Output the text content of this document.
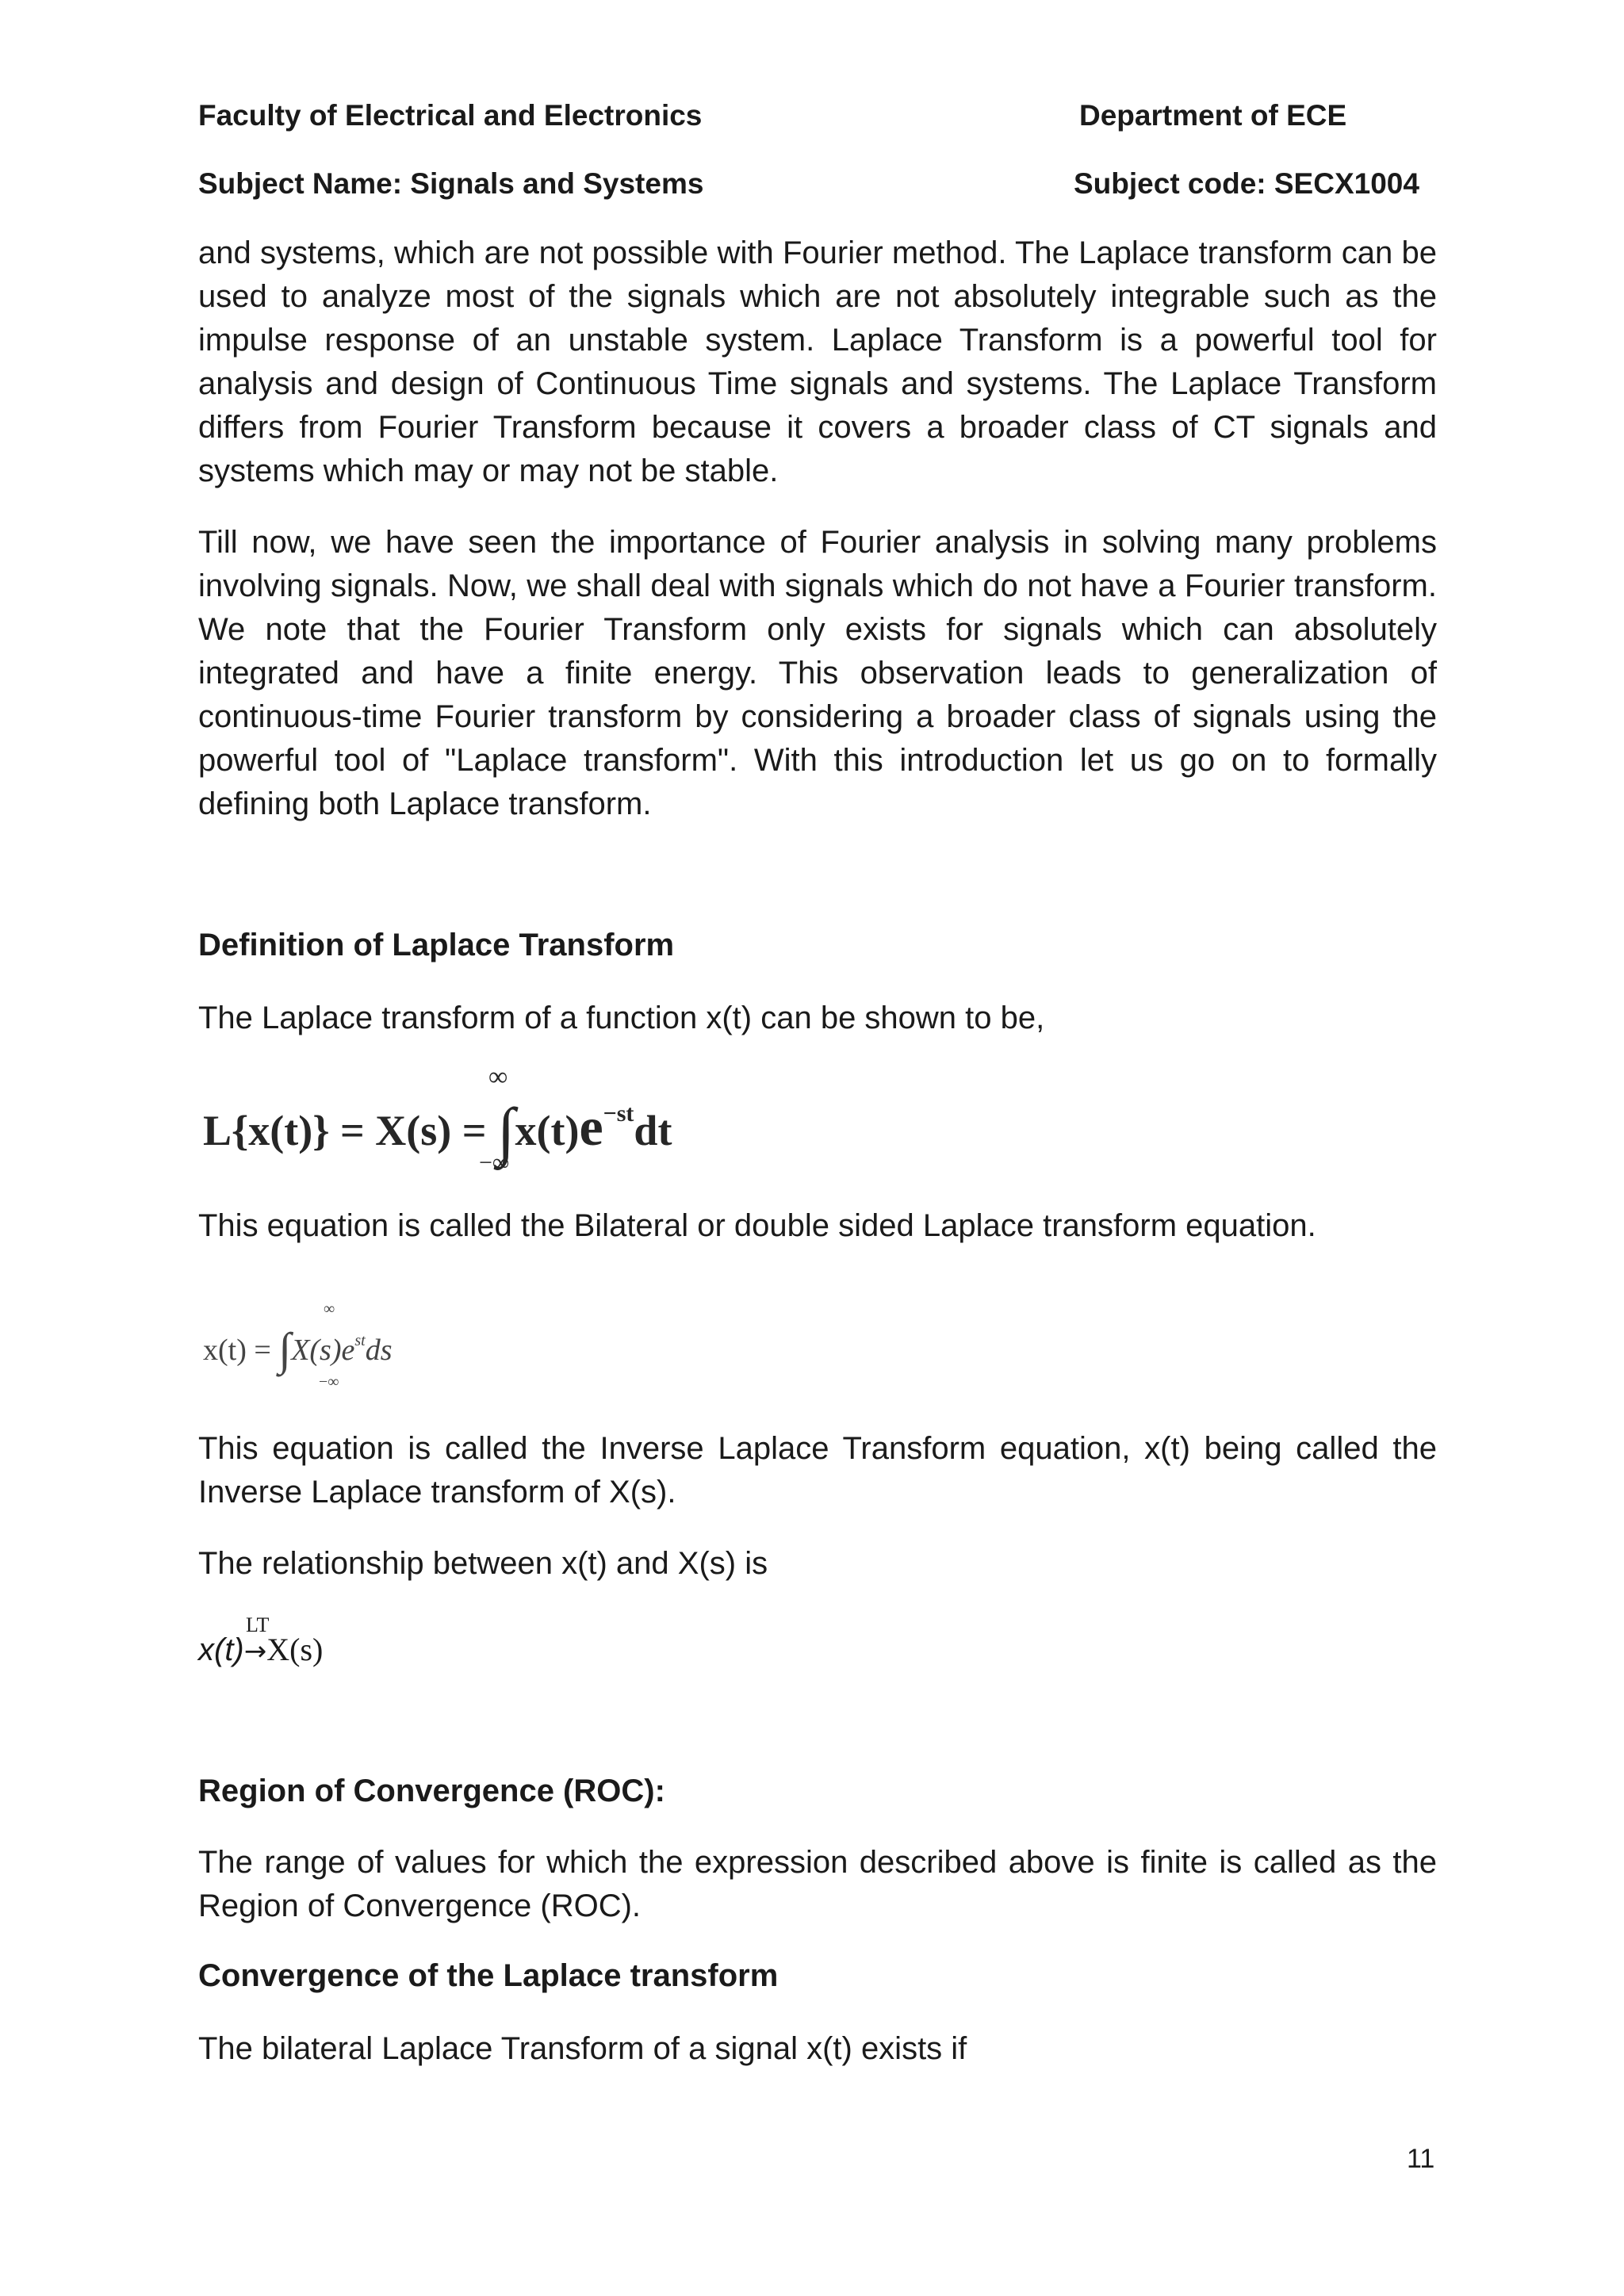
Faculty of Electrical and Electronics	Department of ECE
Subject Name: Signals and Systems	Subject code: SECX1004
and systems, which are not possible with Fourier method. The Laplace transform can be used to analyze most of the signals which are not absolutely integrable such as the impulse response of an unstable system. Laplace Transform is a powerful tool for analysis and design of Continuous Time signals and systems. The Laplace Transform differs from Fourier Transform because it covers a broader class of CT signals and systems which may or may not be stable.
Till now, we have seen the importance of Fourier analysis in solving many problems involving signals. Now, we shall deal with signals which do not have a Fourier transform. We note that the Fourier Transform only exists for signals which can absolutely integrated and have a finite energy. This observation leads to generalization of continuous-time Fourier transform by considering a broader class of signals using the powerful tool of "Laplace transform". With this introduction let us go on to formally defining both Laplace transform.
Definition of Laplace Transform
The Laplace transform of a function x(t) can be shown to be,
∞
−∞
$L\{x(t)\} = X(s) = \int x(t)e^{-st}dt$
This equation is called the Bilateral or double sided Laplace transform equation.
∞
−∞
$x(t) = \int X(s)e^{st}ds$
This equation is called the Inverse Laplace Transform equation, x(t) being called the Inverse Laplace transform of X(s).
The relationship between x(t) and X(s) is
LT
x(t)→X(s)
Region of Convergence (ROC):
The range of values for which the expression described above is finite is called as the Region of Convergence (ROC).
Convergence of the Laplace transform
The bilateral Laplace Transform of a signal x(t) exists if
11
